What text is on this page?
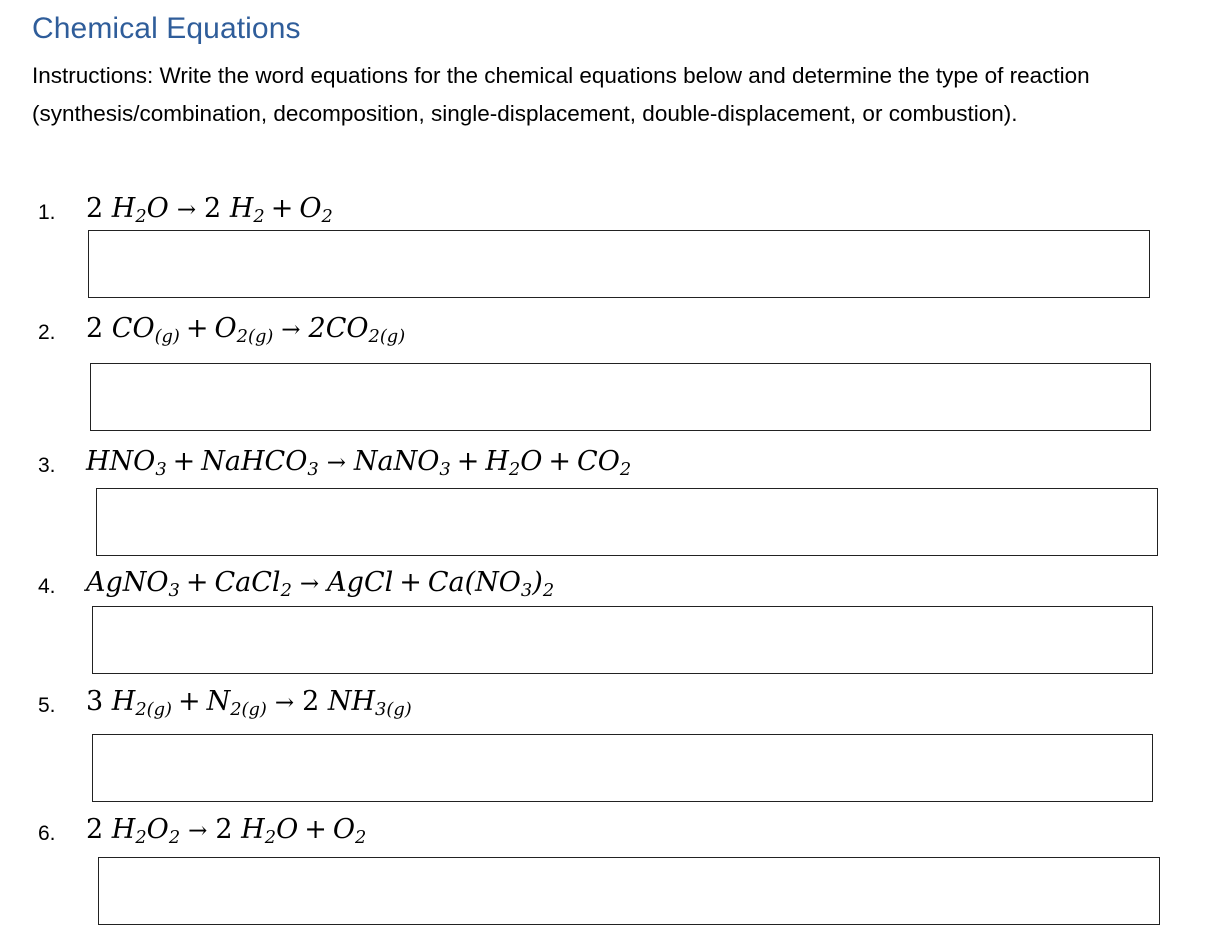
Chemical Equations
Instructions: Write the word equations for the chemical equations below and determine the type of reaction (synthesis/combination, decomposition, single-displacement, double-displacement, or combustion).
1. 2 $H_2O \to 2$ $H_2 + O_2$
2. 2 $CO_{(g)} + O_{2(g)} \to 2CO_{2(g)}$
3. $HNO_3$ + NaHCO$_3$ → NaNO$_3$ + $H_2O + CO_2$
4. AgNO$_3$ + CaCl$_2$ → AgCl + $Ca(NO_3)_2$
5. 3 $H_{2(g)} + N_{2(g)} \to 2$ $NH_{3(g)}$
6. 2 $H_2O_2 \to 2$ $H_2O + O_2$
